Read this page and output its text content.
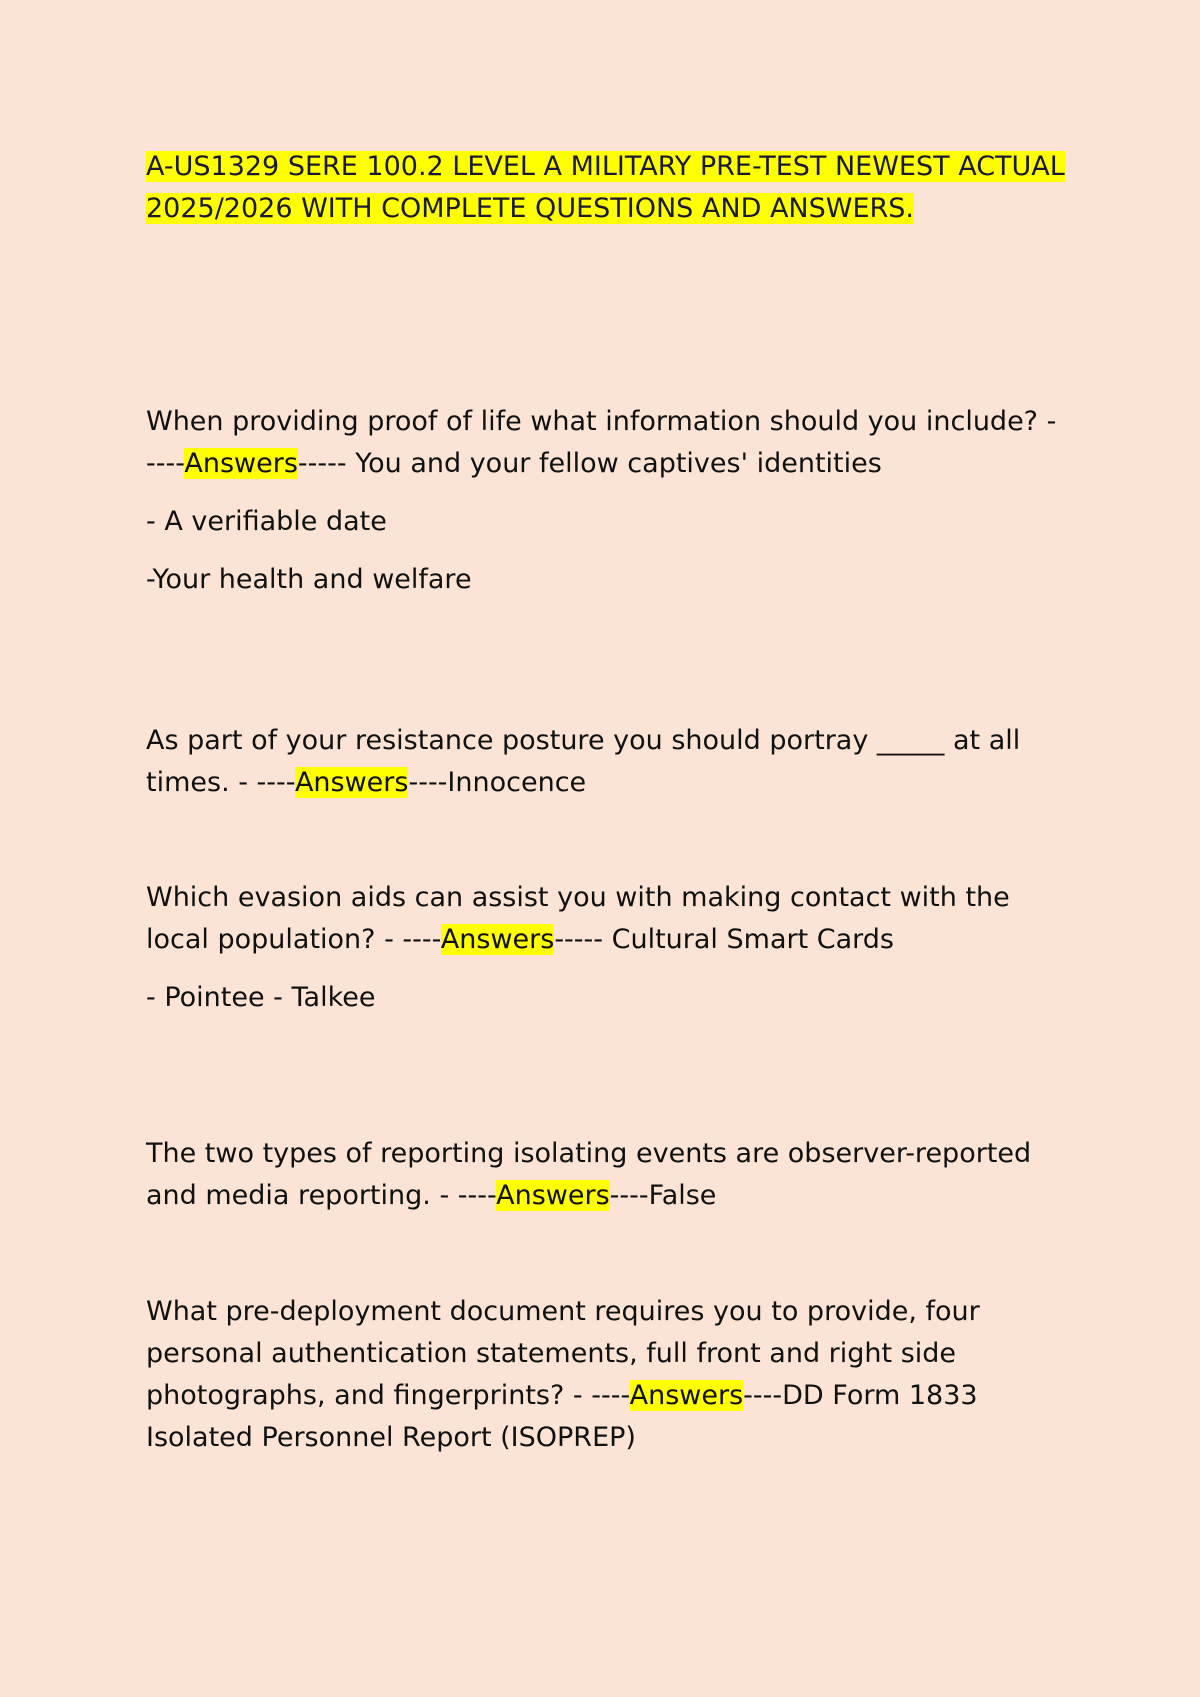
A-US1329 SERE 100.2 LEVEL A MILITARY PRE-TEST NEWEST ACTUAL 2025/2026 WITH COMPLETE QUESTIONS AND ANSWERS.

When providing proof of life what information should you include? - ----Answers----- You and your fellow captives' identities

- A verifiable date

-Your health and welfare

As part of your resistance posture you should portray _____ at all times. - ----Answers----Innocence

Which evasion aids can assist you with making contact with the local population? - ----Answers----- Cultural Smart Cards

- Pointee - Talkee

The two types of reporting isolating events are observer-reported and media reporting. - ----Answers----False

What pre-deployment document requires you to provide, four personal authentication statements, full front and right side photographs, and fingerprints? - ----Answers----DD Form 1833 Isolated Personnel Report (ISOPREP)
